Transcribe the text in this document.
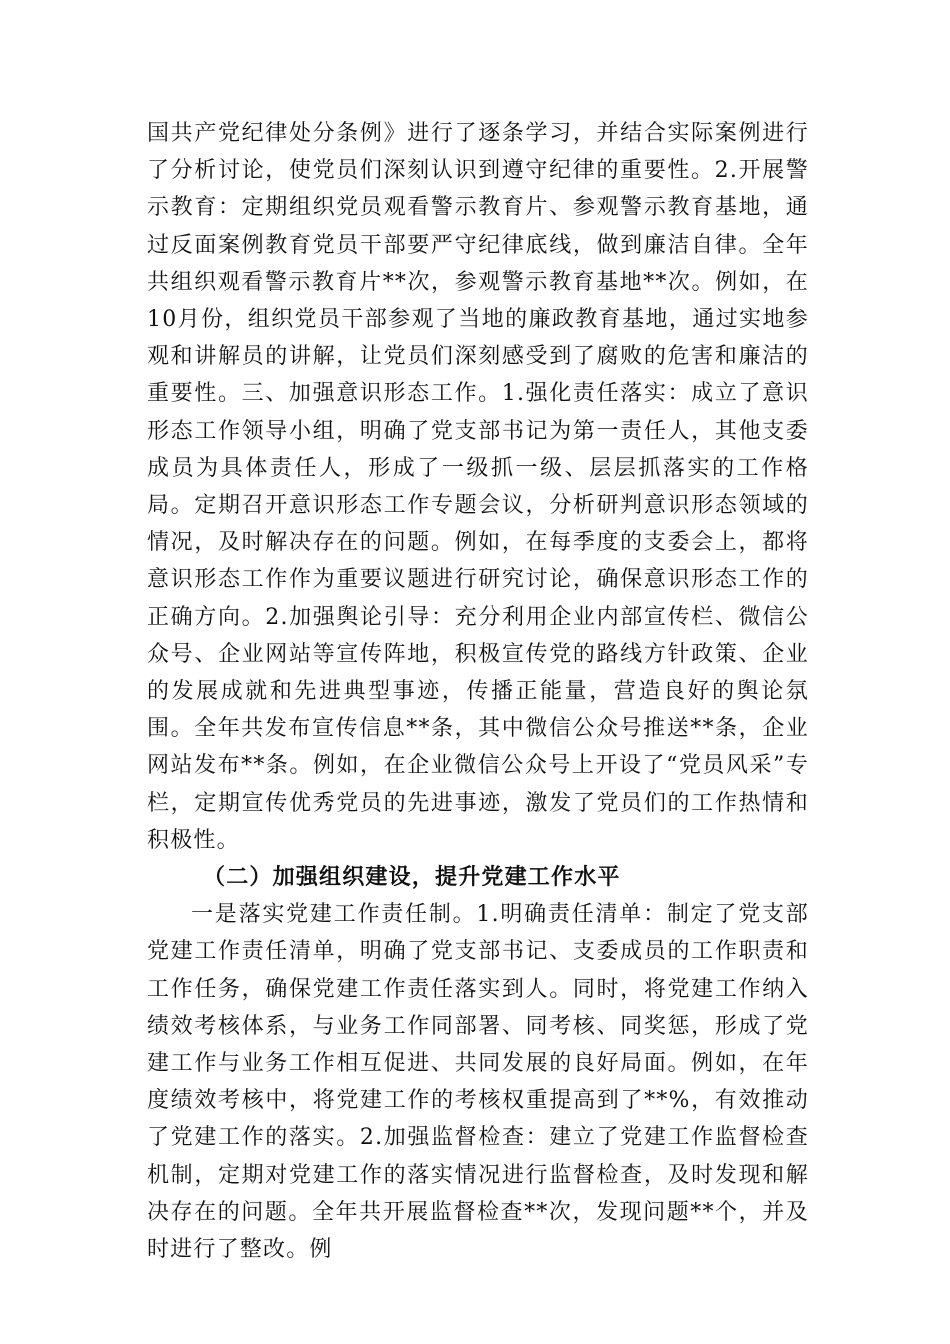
国共产党纪律处分条例》进行了逐条学习，并结合实际案例进行了分析讨论，使党员们深刻认识到遵守纪律的重要性。2.开展警示教育：定期组织党员观看警示教育片、参观警示教育基地，通过反面案例教育党员干部要严守纪律底线，做到廉洁自律。全年共组织观看警示教育片**次，参观警示教育基地**次。例如，在10月份，组织党员干部参观了当地的廉政教育基地，通过实地参观和讲解员的讲解，让党员们深刻感受到了腐败的危害和廉洁的重要性。三、加强意识形态工作。1.强化责任落实：成立了意识形态工作领导小组，明确了党支部书记为第一责任人，其他支委成员为具体责任人，形成了一级抓一级、层层抓落实的工作格局。定期召开意识形态工作专题会议，分析研判意识形态领域的情况，及时解决存在的问题。例如，在每季度的支委会上，都将意识形态工作作为重要议题进行研究讨论，确保意识形态工作的正确方向。2.加强舆论引导：充分利用企业内部宣传栏、微信公众号、企业网站等宣传阵地，积极宣传党的路线方针政策、企业的发展成就和先进典型事迹，传播正能量，营造良好的舆论氛围。全年共发布宣传信息**条，其中微信公众号推送**条，企业网站发布**条。例如，在企业微信公众号上开设了“党员风采”专栏，定期宣传优秀党员的先进事迹，激发了党员们的工作热情和积极性。

（二）加强组织建设，提升党建工作水平

一是落实党建工作责任制。1.明确责任清单：制定了党支部党建工作责任清单，明确了党支部书记、支委成员的工作职责和工作任务，确保党建工作责任落实到人。同时，将党建工作纳入绩效考核体系，与业务工作同部署、同考核、同奖惩，形成了党建工作与业务工作相互促进、共同发展的良好局面。例如，在年度绩效考核中，将党建工作的考核权重提高到了**%，有效推动了党建工作的落实。2.加强监督检查：建立了党建工作监督检查机制，定期对党建工作的落实情况进行监督检查，及时发现和解决存在的问题。全年共开展监督检查**次，发现问题**个，并及时进行了整改。例
